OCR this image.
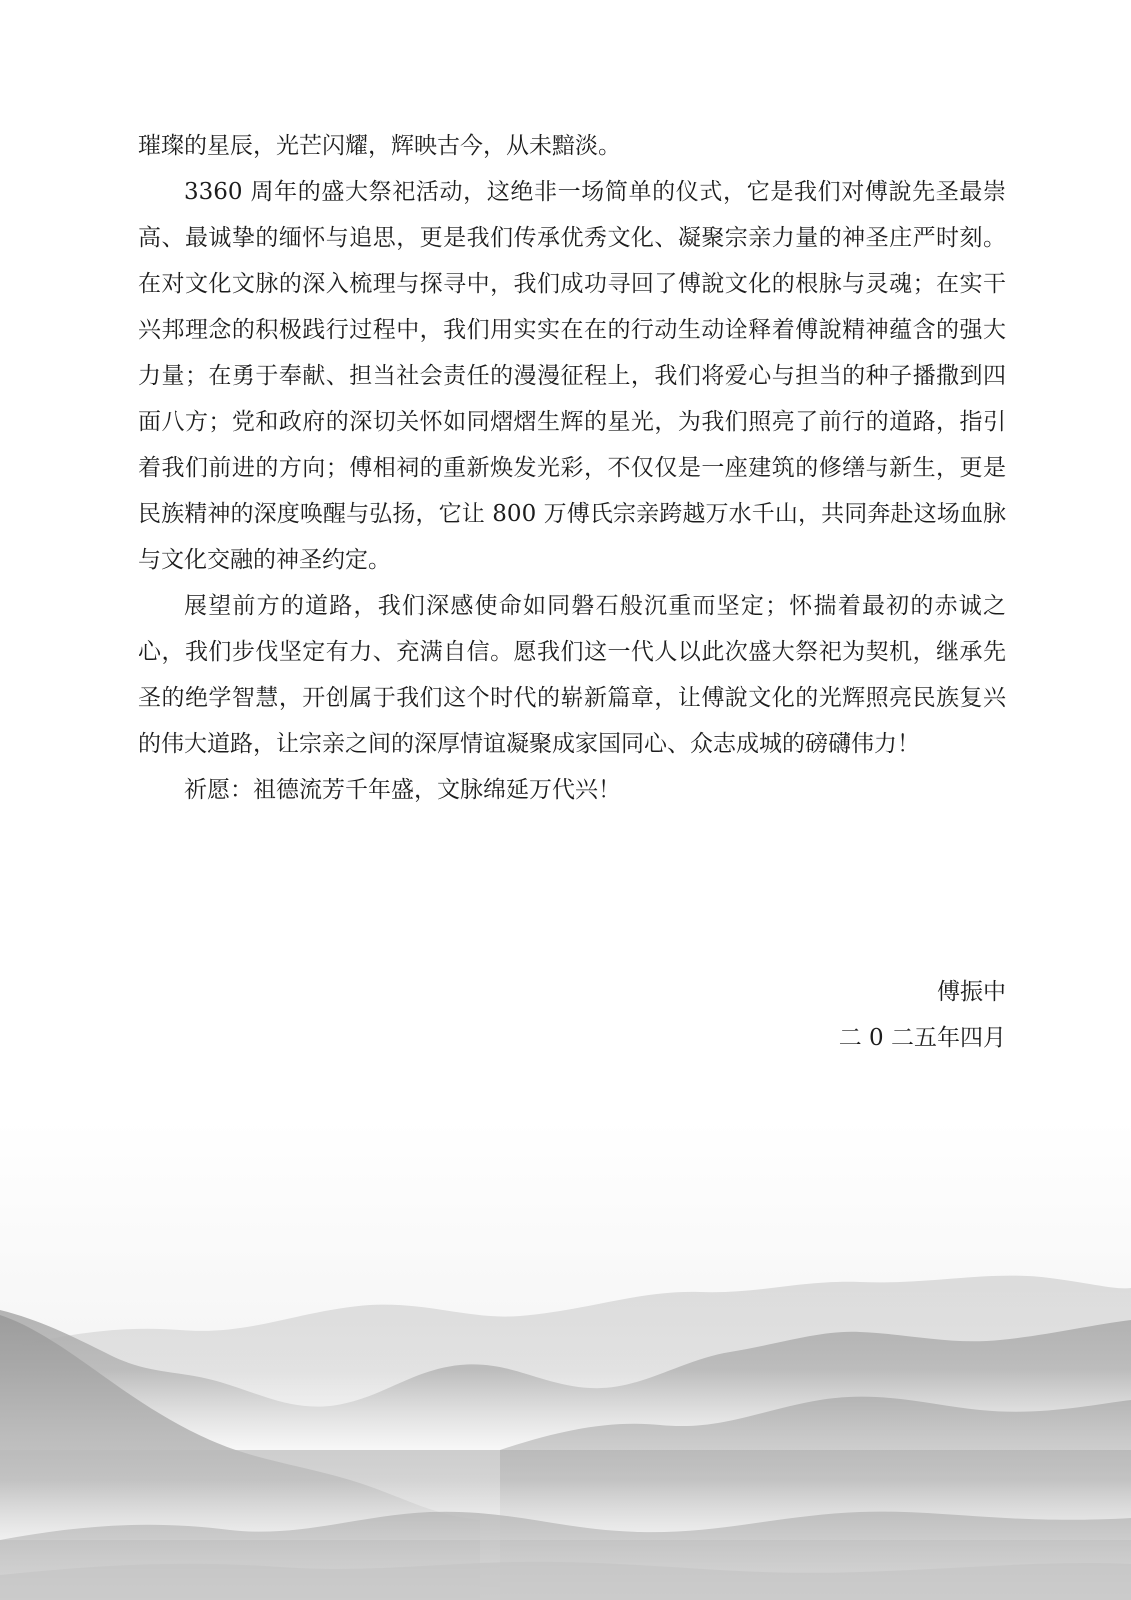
璀璨的星辰，光芒闪耀，辉映古今，从未黯淡。

3360 周年的盛大祭祀活动，这绝非一场简单的仪式，它是我们对傅說先圣最崇高、最诚挚的缅怀与追思，更是我们传承优秀文化、凝聚宗亲力量的神圣庄严时刻。在对文化文脉的深入梳理与探寻中，我们成功寻回了傅說文化的根脉与灵魂；在实干兴邦理念的积极践行过程中，我们用实实在在的行动生动诠释着傅說精神蕴含的强大力量；在勇于奉献、担当社会责任的漫漫征程上，我们将爱心与担当的种子播撒到四面八方；党和政府的深切关怀如同熠熠生辉的星光，为我们照亮了前行的道路，指引着我们前进的方向；傅相祠的重新焕发光彩，不仅仅是一座建筑的修缮与新生，更是民族精神的深度唤醒与弘扬，它让 800 万傅氏宗亲跨越万水千山，共同奔赴这场血脉与文化交融的神圣约定。

展望前方的道路，我们深感使命如同磐石般沉重而坚定；怀揣着最初的赤诚之心，我们步伐坚定有力、充满自信。愿我们这一代人以此次盛大祭祀为契机，继承先圣的绝学智慧，开创属于我们这个时代的崭新篇章，让傅說文化的光辉照亮民族复兴的伟大道路，让宗亲之间的深厚情谊凝聚成家国同心、众志成城的磅礴伟力！

祈愿：祖德流芳千年盛，文脉绵延万代兴！

傅振中
二 0 二五年四月
